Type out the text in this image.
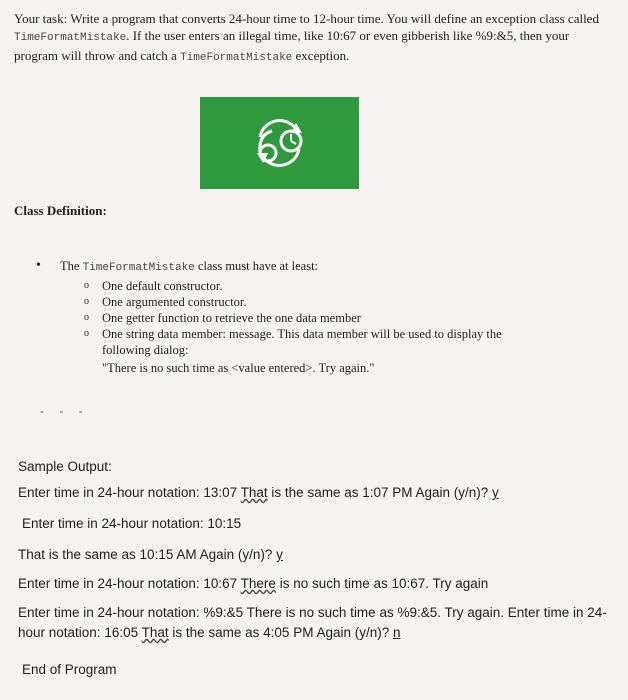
Your task: Write a program that converts 24-hour time to 12-hour time. You will define an exception class called TimeFormatMistake. If the user enters an illegal time, like 10:67 or even gibberish like %9:&5, then your program will throw and catch a TimeFormatMistake exception.
Class Definition:
• The TimeFormatMistake class must have at least:
o One default constructor.
o One argumented constructor.
o One getter function to retrieve the one data member
o One string data member: message. This data member will be used to display the following dialog:
"There is no such time as <value entered>. Try again."
- - -
Sample Output:
Enter time in 24-hour notation: 13:07 That is the same as 1:07 PM Again (y/n)? y
Enter time in 24-hour notation: 10:15
That is the same as 10:15 AM Again (y/n)? y
Enter time in 24-hour notation: 10:67 There is no such time as 10:67. Try again
Enter time in 24-hour notation: %9:&5 There is no such time as %9:&5. Try again. Enter time in 24-hour notation: 16:05 That is the same as 4:05 PM Again (y/n)? n
End of Program
